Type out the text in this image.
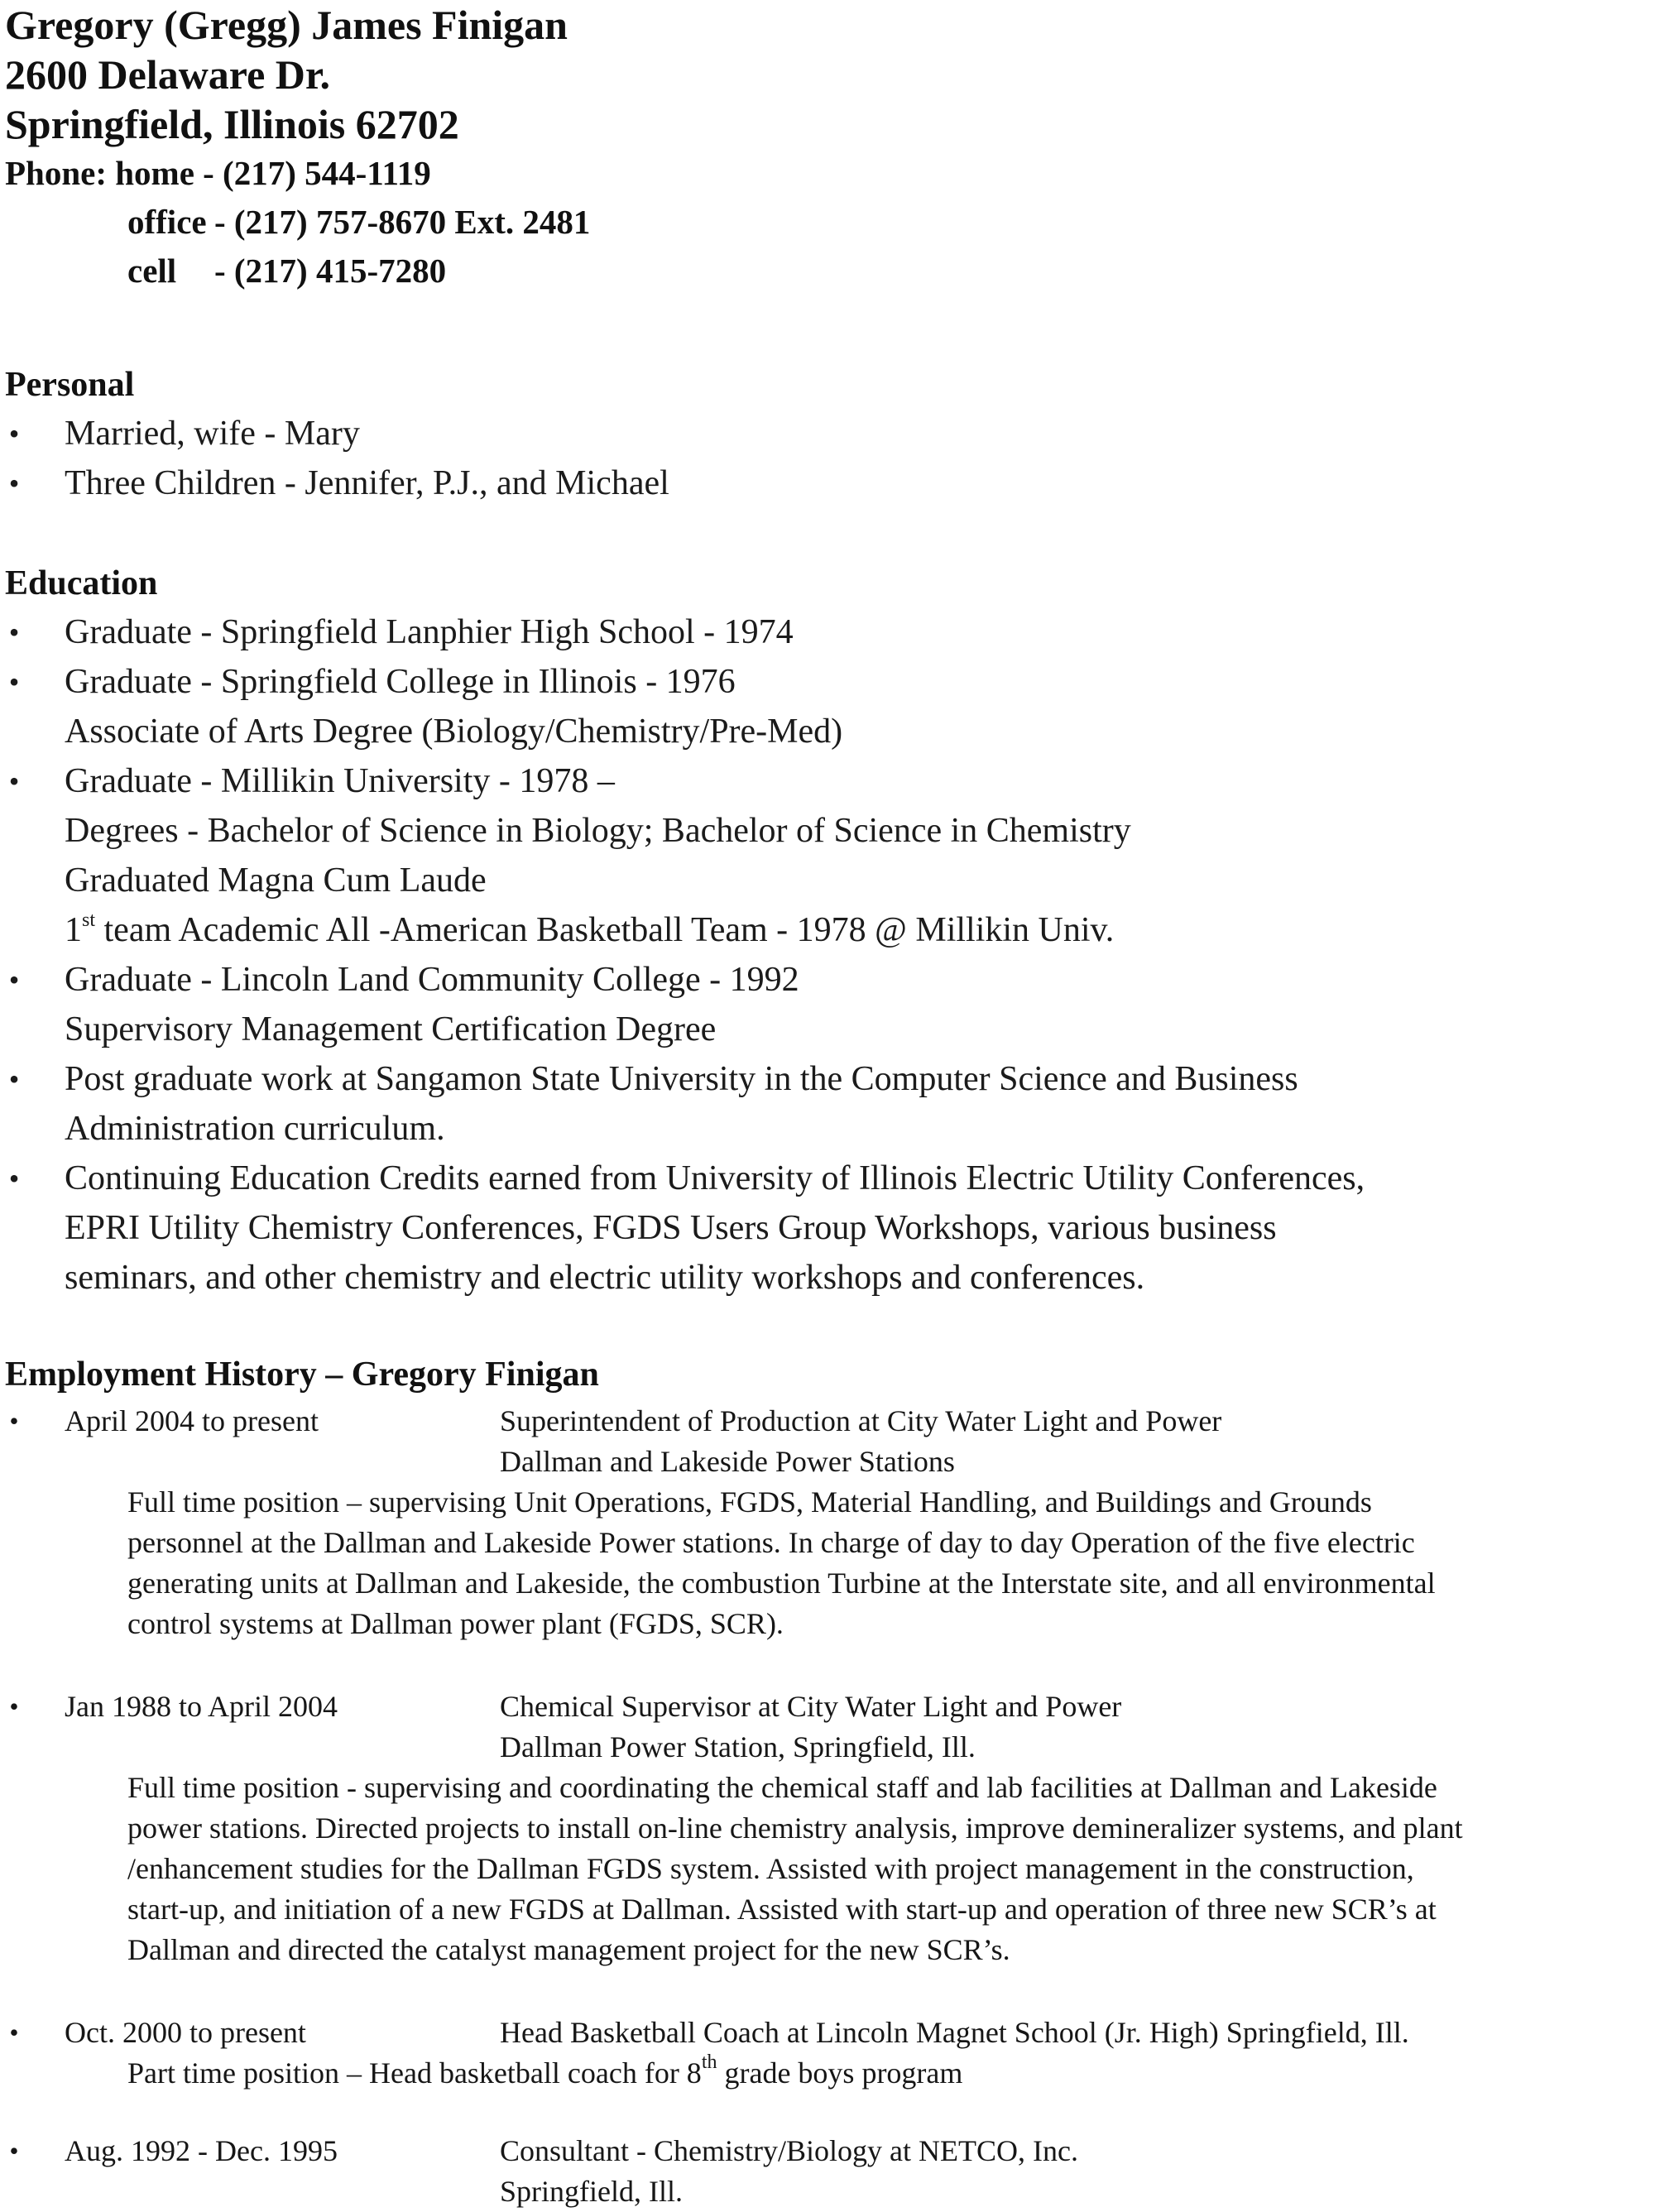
Gregory (Gregg) James Finigan
2600 Delaware Dr.
Springfield, Illinois 62702
Phone: home - (217) 544-1119
office - (217) 757-8670 Ext. 2481
cell - (217) 415-7280
Personal
• Married, wife - Mary
• Three Children - Jennifer, P.J., and Michael
Education
• Graduate - Springfield Lanphier High School - 1974
• Graduate - Springfield College in Illinois - 1976
Associate of Arts Degree (Biology/Chemistry/Pre-Med)
• Graduate - Millikin University - 1978 –
Degrees - Bachelor of Science in Biology; Bachelor of Science in Chemistry
Graduated Magna Cum Laude
1st team Academic All -American Basketball Team - 1978 @ Millikin Univ.
• Graduate - Lincoln Land Community College - 1992
Supervisory Management Certification Degree
• Post graduate work at Sangamon State University in the Computer Science and Business
Administration curriculum.
• Continuing Education Credits earned from University of Illinois Electric Utility Conferences,
EPRI Utility Chemistry Conferences, FGDS Users Group Workshops, various business
seminars, and other chemistry and electric utility workshops and conferences.
Employment History – Gregory Finigan
• April 2004 to present	Superintendent of Production at City Water Light and Power
Dallman and Lakeside Power Stations
Full time position – supervising Unit Operations, FGDS, Material Handling, and Buildings and Grounds
personnel at the Dallman and Lakeside Power stations. In charge of day to day Operation of the five electric
generating units at Dallman and Lakeside, the combustion Turbine at the Interstate site, and all environmental
control systems at Dallman power plant (FGDS, SCR).
• Jan 1988 to April 2004	Chemical Supervisor at City Water Light and Power
Dallman Power Station, Springfield, Ill.
Full time position - supervising and coordinating the chemical staff and lab facilities at Dallman and Lakeside
power stations. Directed projects to install on-line chemistry analysis, improve demineralizer systems, and plant
/enhancement studies for the Dallman FGDS system. Assisted with project management in the construction,
start-up, and initiation of a new FGDS at Dallman. Assisted with start-up and operation of three new SCR’s at
Dallman and directed the catalyst management project for the new SCR’s.
• Oct. 2000 to present	Head Basketball Coach at Lincoln Magnet School (Jr. High) Springfield, Ill.
Part time position – Head basketball coach for 8th grade boys program
• Aug. 1992 - Dec. 1995	Consultant - Chemistry/Biology at NETCO, Inc.
Springfield, Ill.
